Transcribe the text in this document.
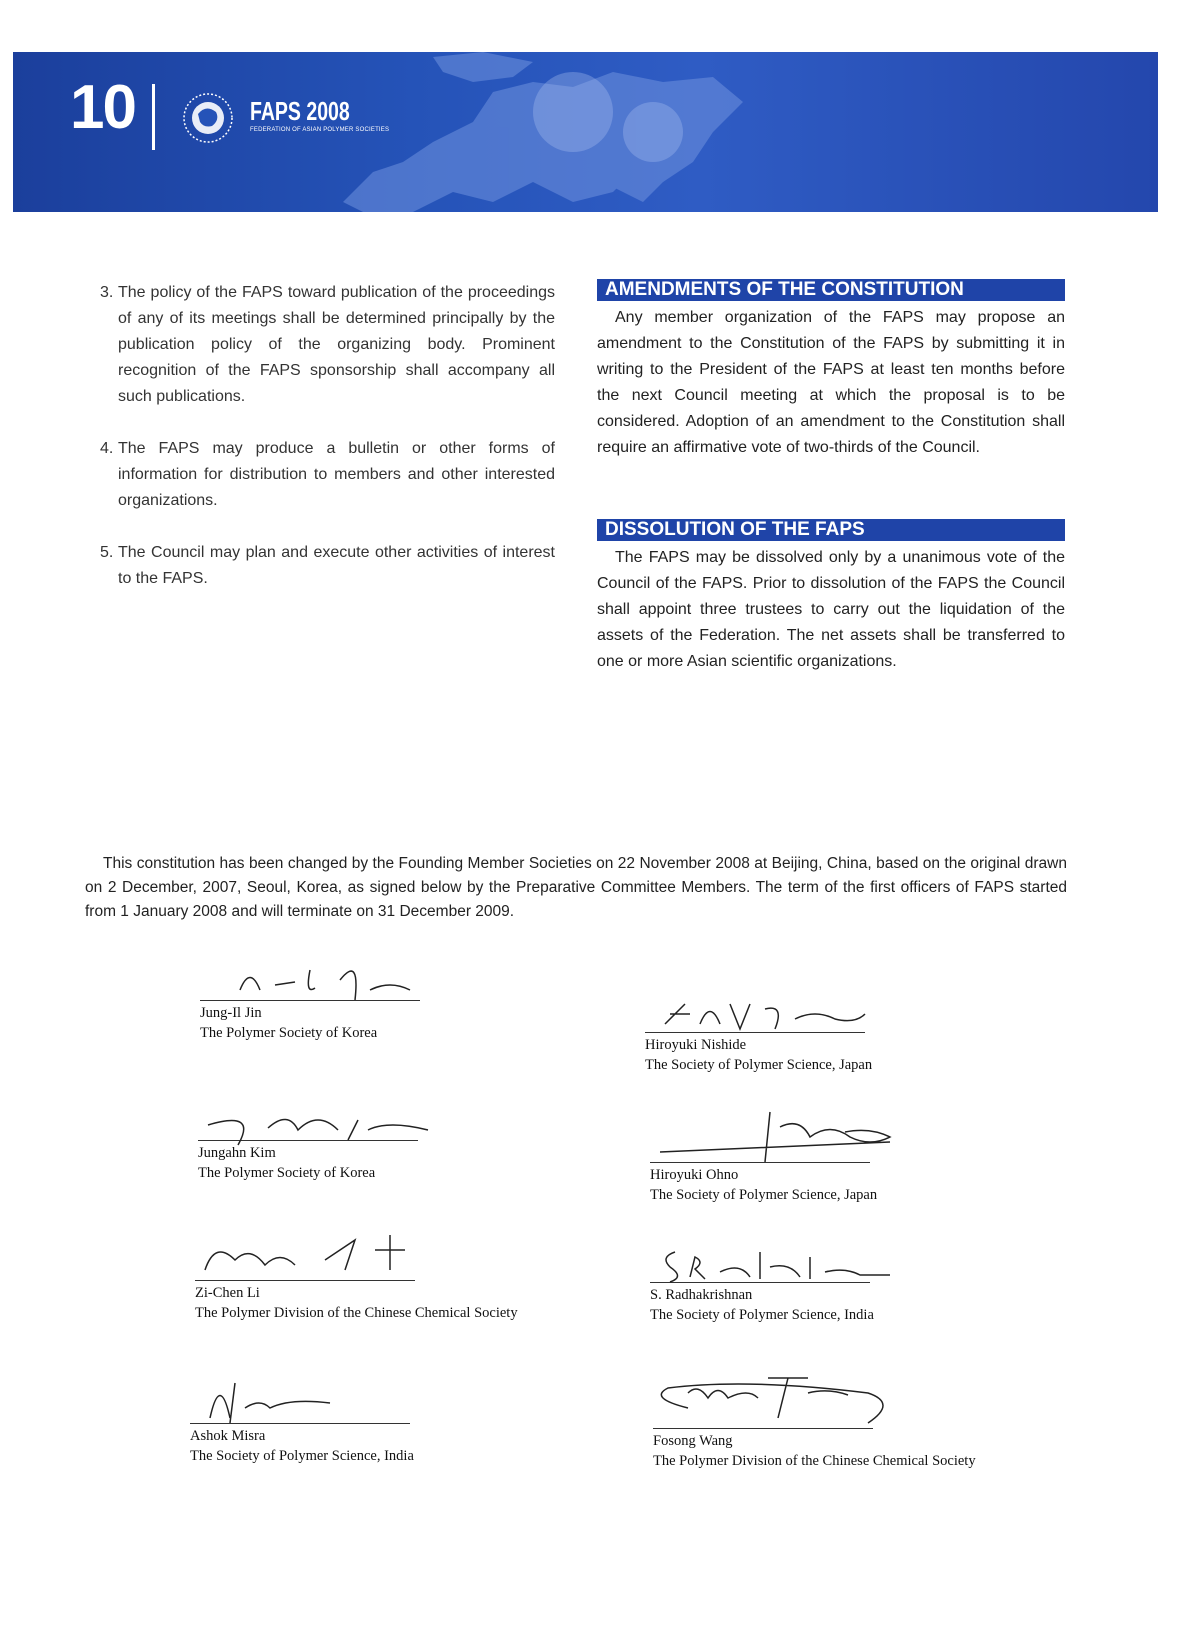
10	FAPS 2008
FEDERATION OF ASIAN POLYMER SOCIETIES
3. The policy of the FAPS toward publication of the proceedings of any of its meetings shall be determined principally by the publication policy of the organizing body. Prominent recognition of the FAPS sponsorship shall accompany all such publications.
4. The FAPS may produce a bulletin or other forms of information for distribution to members and other interested organizations.
5. The Council may plan and execute other activities of interest to the FAPS.
AMENDMENTS OF THE CONSTITUTION

Any member organization of the FAPS may propose an amendment to the Constitution of the FAPS by submitting it in writing to the President of the FAPS at least ten months before the next Council meeting at which the proposal is to be considered. Adoption of an amendment to the Constitution shall require an affirmative vote of two-thirds of the Council.

DISSOLUTION OF THE FAPS

The FAPS may be dissolved only by a unanimous vote of the Council of the FAPS. Prior to dissolution of the FAPS the Council shall appoint three trustees to carry out the liquidation of the assets of the Federation. The net assets shall be transferred to one or more Asian scientific organizations.

This constitution has been changed by the Founding Member Societies on 22 November 2008 at Beijing, China, based on the original drawn on 2 December, 2007, Seoul, Korea, as signed below by the Preparative Committee Members. The term of the first officers of FAPS started from 1 January 2008 and will terminate on 31 December 2009.
Jung-Il Jin
The Polymer Society of Korea
Jungahn Kim
The Polymer Society of Korea
Zi-Chen Li
The Polymer Division of the Chinese Chemical Society
Ashok Misra
The Society of Polymer Science, India
Hiroyuki Nishide
The Society of Polymer Science, Japan
Hiroyuki Ohno
The Society of Polymer Science, Japan
S. Radhakrishnan
The Society of Polymer Science, India
Fosong Wang
The Polymer Division of the Chinese Chemical Society
